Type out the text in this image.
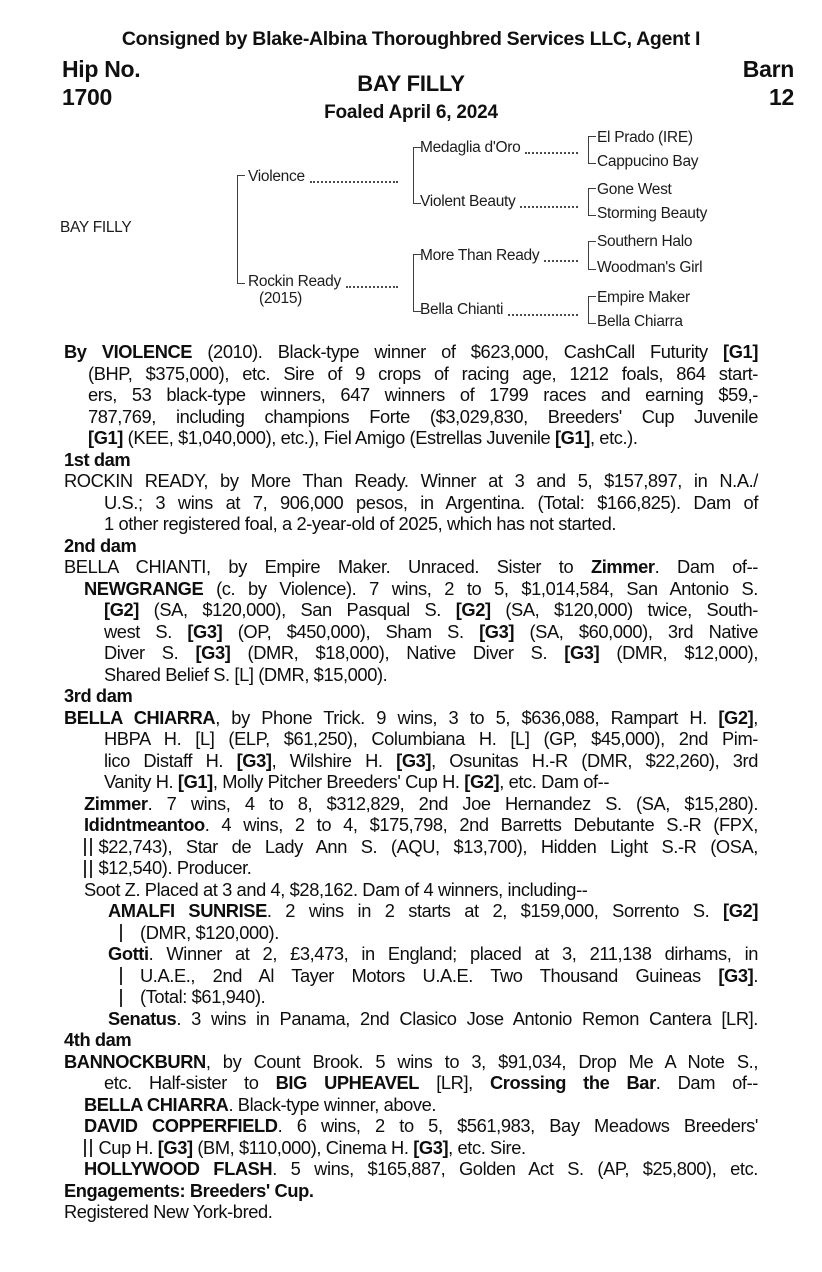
Consigned by Blake-Albina Thoroughbred Services LLC, Agent I
Hip No.
1700
BAY FILLY
Foaled April 6, 2024
Barn
12
BAY FILLY
Violence
Rockin Ready
(2015)
Medaglia d'Oro
Violent Beauty
More Than Ready
Bella Chianti
El Prado (IRE)
Cappucino Bay
Gone West
Storming Beauty
Southern Halo
Woodman's Girl
Empire Maker
Bella Chiarra
By VIOLENCE (2010). Black-type winner of $623,000, CashCall Futurity [G1]
(BHP, $375,000), etc. Sire of 9 crops of racing age, 1212 foals, 864 start-
ers, 53 black-type winners, 647 winners of 1799 races and earning $59,-
787,769, including champions Forte ($3,029,830, Breeders' Cup Juvenile
[G1] (KEE, $1,040,000), etc.), Fiel Amigo (Estrellas Juvenile [G1], etc.).
1st dam
ROCKIN READY, by More Than Ready. Winner at 3 and 5, $157,897, in N.A./
U.S.; 3 wins at 7, 906,000 pesos, in Argentina. (Total: $166,825). Dam of
1 other registered foal, a 2-year-old of 2025, which has not started.
2nd dam
BELLA CHIANTI, by Empire Maker. Unraced. Sister to Zimmer. Dam of--
NEWGRANGE (c. by Violence). 7 wins, 2 to 5, $1,014,584, San Antonio S.
[G2] (SA, $120,000), San Pasqual S. [G2] (SA, $120,000) twice, South-
west S. [G3] (OP, $450,000), Sham S. [G3] (SA, $60,000), 3rd Native
Diver S. [G3] (DMR, $18,000), Native Diver S. [G3] (DMR, $12,000),
Shared Belief S. [L] (DMR, $15,000).
3rd dam
BELLA CHIARRA, by Phone Trick. 9 wins, 3 to 5, $636,088, Rampart H. [G2],
HBPA H. [L] (ELP, $61,250), Columbiana H. [L] (GP, $45,000), 2nd Pim-
lico Distaff H. [G3], Wilshire H. [G3], Osunitas H.-R (DMR, $22,260), 3rd
Vanity H. [G1], Molly Pitcher Breeders' Cup H. [G2], etc. Dam of--
Zimmer. 7 wins, 4 to 8, $312,829, 2nd Joe Hernandez S. (SA, $15,280).
Ididntmeantoo. 4 wins, 2 to 4, $175,798, 2nd Barretts Debutante S.-R (FPX,
$22,743), Star de Lady Ann S. (AQU, $13,700), Hidden Light S.-R (OSA,
$12,540). Producer.
Soot Z. Placed at 3 and 4, $28,162. Dam of 4 winners, including--
AMALFI SUNRISE. 2 wins in 2 starts at 2, $159,000, Sorrento S. [G2]
(DMR, $120,000).
Gotti. Winner at 2, £3,473, in England; placed at 3, 211,138 dirhams, in
U.A.E., 2nd Al Tayer Motors U.A.E. Two Thousand Guineas [G3].
(Total: $61,940).
Senatus. 3 wins in Panama, 2nd Clasico Jose Antonio Remon Cantera [LR].
4th dam
BANNOCKBURN, by Count Brook. 5 wins to 3, $91,034, Drop Me A Note S.,
etc. Half-sister to BIG UPHEAVEL [LR], Crossing the Bar. Dam of--
BELLA CHIARRA. Black-type winner, above.
DAVID COPPERFIELD. 6 wins, 2 to 5, $561,983, Bay Meadows Breeders'
Cup H. [G3] (BM, $110,000), Cinema H. [G3], etc. Sire.
HOLLYWOOD FLASH. 5 wins, $165,887, Golden Act S. (AP, $25,800), etc.
Engagements: Breeders' Cup.
Registered New York-bred.
